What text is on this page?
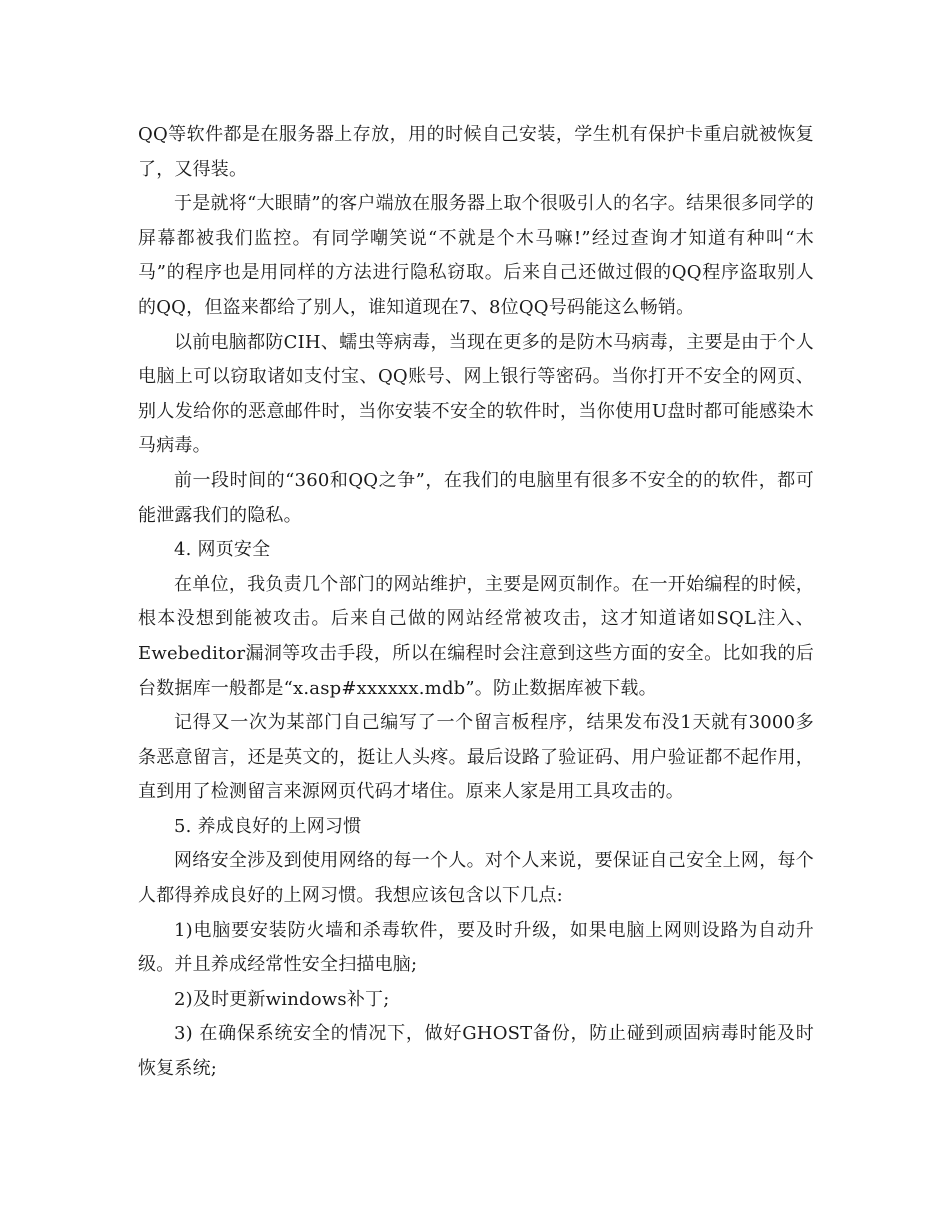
QQ等软件都是在服务器上存放，用的时候自己安装，学生机有保护卡重启就被恢复了，又得装。

于是就将“大眼睛”的客户端放在服务器上取个很吸引人的名字。结果很多同学的屏幕都被我们监控。有同学嘲笑说“不就是个木马嘛!”经过查询才知道有种叫“木马”的程序也是用同样的方法进行隐私窃取。后来自己还做过假的QQ程序盗取别人的QQ，但盗来都给了别人，谁知道现在7、8位QQ号码能这么畅销。

以前电脑都防CIH、蠕虫等病毒，当现在更多的是防木马病毒，主要是由于个人电脑上可以窃取诸如支付宝、QQ账号、网上银行等密码。当你打开不安全的网页、别人发给你的恶意邮件时，当你安装不安全的软件时，当你使用U盘时都可能感染木马病毒。

前一段时间的“360和QQ之争”，在我们的电脑里有很多不安全的的软件，都可能泄露我们的隐私。

4. 网页安全

在单位，我负责几个部门的网站维护，主要是网页制作。在一开始编程的时候，根本没想到能被攻击。后来自己做的网站经常被攻击，这才知道诸如SQL注入、Ewebeditor漏洞等攻击手段，所以在编程时会注意到这些方面的安全。比如我的后台数据库一般都是“x.asp#xxxxxx.mdb”。防止数据库被下载。

记得又一次为某部门自己编写了一个留言板程序，结果发布没1天就有3000多条恶意留言，还是英文的，挺让人头疼。最后设路了验证码、用户验证都不起作用，直到用了检测留言来源网页代码才堵住。原来人家是用工具攻击的。

5. 养成良好的上网习惯

网络安全涉及到使用网络的每一个人。对个人来说，要保证自己安全上网，每个人都得养成良好的上网习惯。我想应该包含以下几点:

1)电脑要安装防火墙和杀毒软件，要及时升级，如果电脑上网则设路为自动升级。并且养成经常性安全扫描电脑;

2)及时更新windows补丁;

3) 在确保系统安全的情况下，做好GHOST备份，防止碰到顽固病毒时能及时恢复系统;
